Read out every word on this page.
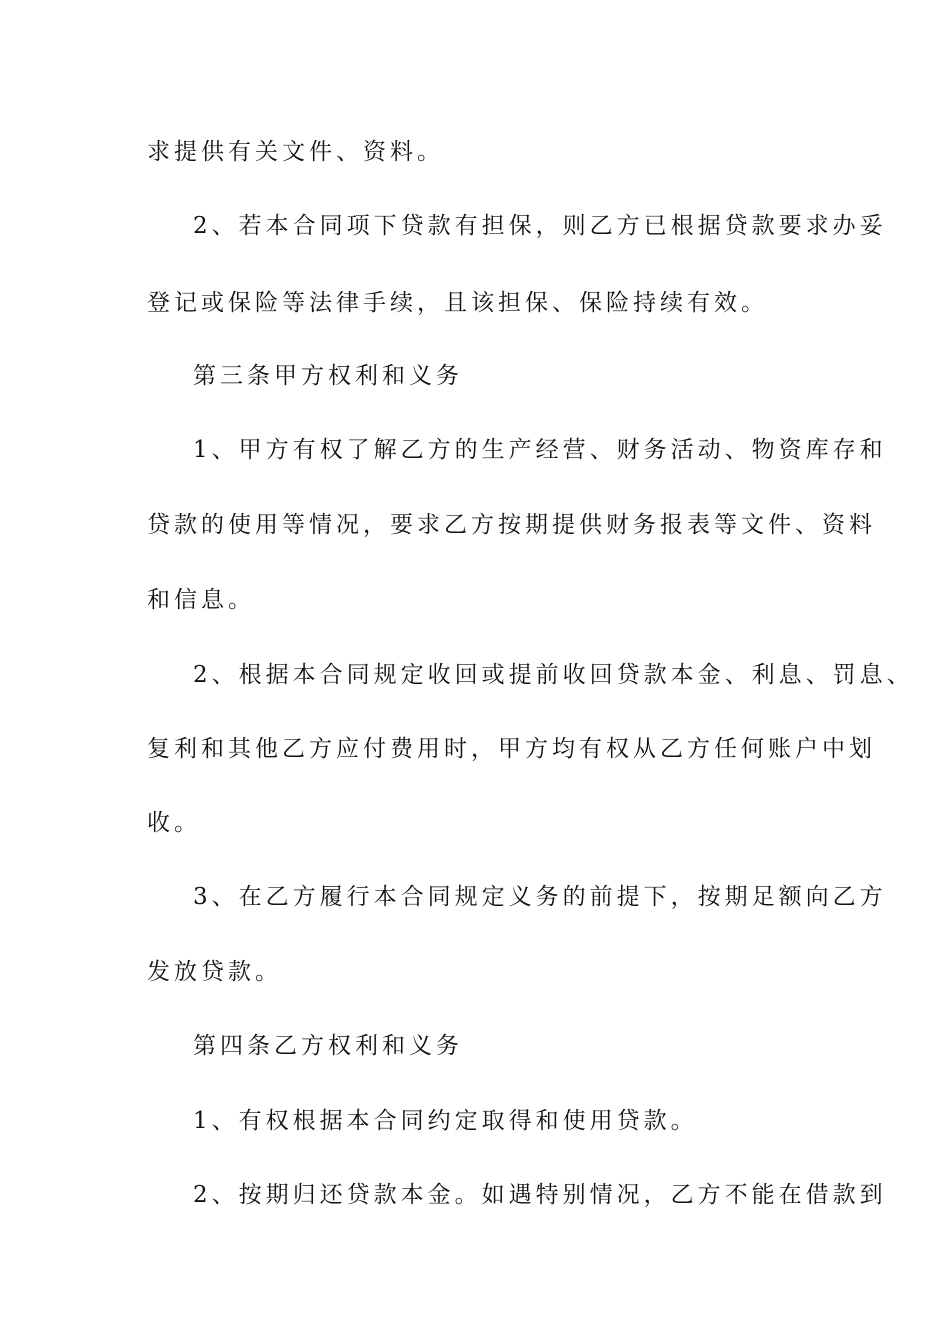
求提供有关文件、资料。
2、若本合同项下贷款有担保，则乙方已根据贷款要求办妥
登记或保险等法律手续，且该担保、保险持续有效。
第三条甲方权利和义务
1、甲方有权了解乙方的生产经营、财务活动、物资库存和
贷款的使用等情况，要求乙方按期提供财务报表等文件、资料
和信息。
2、根据本合同规定收回或提前收回贷款本金、利息、罚息、
复利和其他乙方应付费用时，甲方均有权从乙方任何账户中划
收。
3、在乙方履行本合同规定义务的前提下，按期足额向乙方
发放贷款。
第四条乙方权利和义务
1、有权根据本合同约定取得和使用贷款。
2、按期归还贷款本金。如遇特别情况，乙方不能在借款到
